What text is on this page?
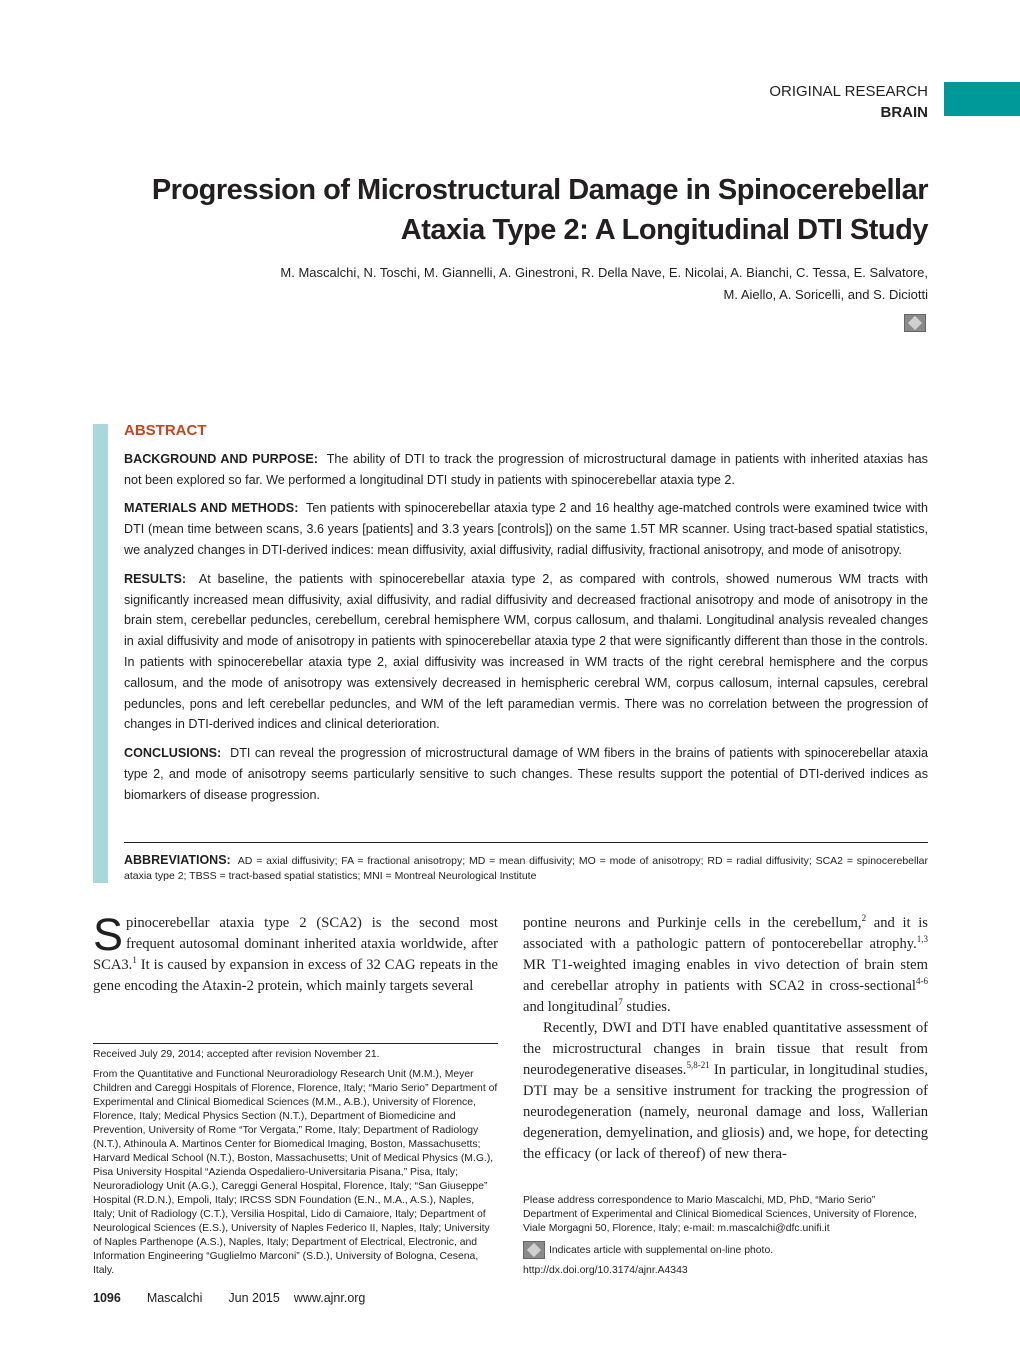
ORIGINAL RESEARCH
BRAIN
Progression of Microstructural Damage in Spinocerebellar
Ataxia Type 2: A Longitudinal DTI Study
M. Mascalchi, N. Toschi, M. Giannelli, A. Ginestroni, R. Della Nave, E. Nicolai, A. Bianchi, C. Tessa, E. Salvatore,
M. Aiello, A. Soricelli, and S. Diciotti
ABSTRACT

BACKGROUND AND PURPOSE: The ability of DTI to track the progression of microstructural damage in patients with inherited ataxias has not been explored so far. We performed a longitudinal DTI study in patients with spinocerebellar ataxia type 2.

MATERIALS AND METHODS: Ten patients with spinocerebellar ataxia type 2 and 16 healthy age-matched controls were examined twice with DTI (mean time between scans, 3.6 years [patients] and 3.3 years [controls]) on the same 1.5T MR scanner. Using tract-based spatial statistics, we analyzed changes in DTI-derived indices: mean diffusivity, axial diffusivity, radial diffusivity, fractional anisotropy, and mode of anisotropy.

RESULTS: At baseline, the patients with spinocerebellar ataxia type 2, as compared with controls, showed numerous WM tracts with significantly increased mean diffusivity, axial diffusivity, and radial diffusivity and decreased fractional anisotropy and mode of anisotropy in the brain stem, cerebellar peduncles, cerebellum, cerebral hemisphere WM, corpus callosum, and thalami. Longitudinal analysis revealed changes in axial diffusivity and mode of anisotropy in patients with spinocerebellar ataxia type 2 that were significantly different than those in the controls. In patients with spinocerebellar ataxia type 2, axial diffusivity was increased in WM tracts of the right cerebral hemisphere and the corpus callosum, and the mode of anisotropy was extensively decreased in hemispheric cerebral WM, corpus callosum, internal capsules, cerebral peduncles, pons and left cerebellar peduncles, and WM of the left paramedian vermis. There was no correlation between the progression of changes in DTI-derived indices and clinical deterioration.

CONCLUSIONS: DTI can reveal the progression of microstructural damage of WM fibers in the brains of patients with spinocerebellar ataxia type 2, and mode of anisotropy seems particularly sensitive to such changes. These results support the potential of DTI-derived indices as biomarkers of disease progression.

ABBREVIATIONS: AD = axial diffusivity; FA = fractional anisotropy; MD = mean diffusivity; MO = mode of anisotropy; RD = radial diffusivity; SCA2 = spinocerebellar ataxia type 2; TBSS = tract-based spatial statistics; MNI = Montreal Neurological Institute
Spinocerebellar ataxia type 2 (SCA2) is the second most frequent autosomal dominant inherited ataxia worldwide, after SCA3.$^1$ It is caused by expansion in excess of 32 CAG repeats in the gene encoding the Ataxin-2 protein, which mainly targets several

pontine neurons and Purkinje cells in the cerebellum,$^2$ and it is associated with a pathologic pattern of pontocerebellar atrophy.$^{1,3}$ MR T1-weighted imaging enables in vivo detection of brain stem and cerebellar atrophy in patients with SCA2 in cross-sectional$^{4-6}$ and longitudinal$^7$ studies.

Recently, DWI and DTI have enabled quantitative assessment of the microstructural changes in brain tissue that result from neurodegenerative diseases.$^{5,8-21}$ In particular, in longitudinal studies, DTI may be a sensitive instrument for tracking the progression of neurodegeneration (namely, neuronal damage and loss, Wallerian degeneration, demyelination, and gliosis) and, we hope, for detecting the efficacy (or lack of thereof) of new thera-

Received July 29, 2014; accepted after revision November 21.

From the Quantitative and Functional Neuroradiology Research Unit (M.M.), Meyer Children and Careggi Hospitals of Florence, Florence, Italy; “Mario Serio” Department of Experimental and Clinical Biomedical Sciences (M.M., A.B.), University of Florence, Florence, Italy; Medical Physics Section (N.T.), Department of Biomedicine and Prevention, University of Rome “Tor Vergata,” Rome, Italy; Department of Radiology (N.T.), Athinoula A. Martinos Center for Biomedical Imaging, Boston, Massachusetts; Harvard Medical School (N.T.), Boston, Massachusetts; Unit of Medical Physics (M.G.), Pisa University Hospital “Azienda Ospedaliero-Universitaria Pisana,” Pisa, Italy; Neuroradiology Unit (A.G.), Careggi General Hospital, Florence, Italy; “San Giuseppe” Hospital (R.D.N.), Empoli, Italy; IRCSS SDN Foundation (E.N., M.A., A.S.), Naples, Italy; Unit of Radiology (C.T.), Versilia Hospital, Lido di Camaiore, Italy; Department of Neurological Sciences (E.S.), University of Naples Federico II, Naples, Italy; University of Naples Parthenope (A.S.), Naples, Italy; Department of Electrical, Electronic, and Information Engineering “Guglielmo Marconi” (S.D.), University of Bologna, Cesena, Italy.

Please address correspondence to Mario Mascalchi, MD, PhD, “Mario Serio” Department of Experimental and Clinical Biomedical Sciences, University of Florence, Viale Morgagni 50, Florence, Italy; e-mail: m.mascalchi@dfc.unifi.it

Indicates article with supplemental on-line photo.

http://dx.doi.org/10.3174/ajnr.A4343

1096 Mascalchi Jun 2015 www.ajnr.org
